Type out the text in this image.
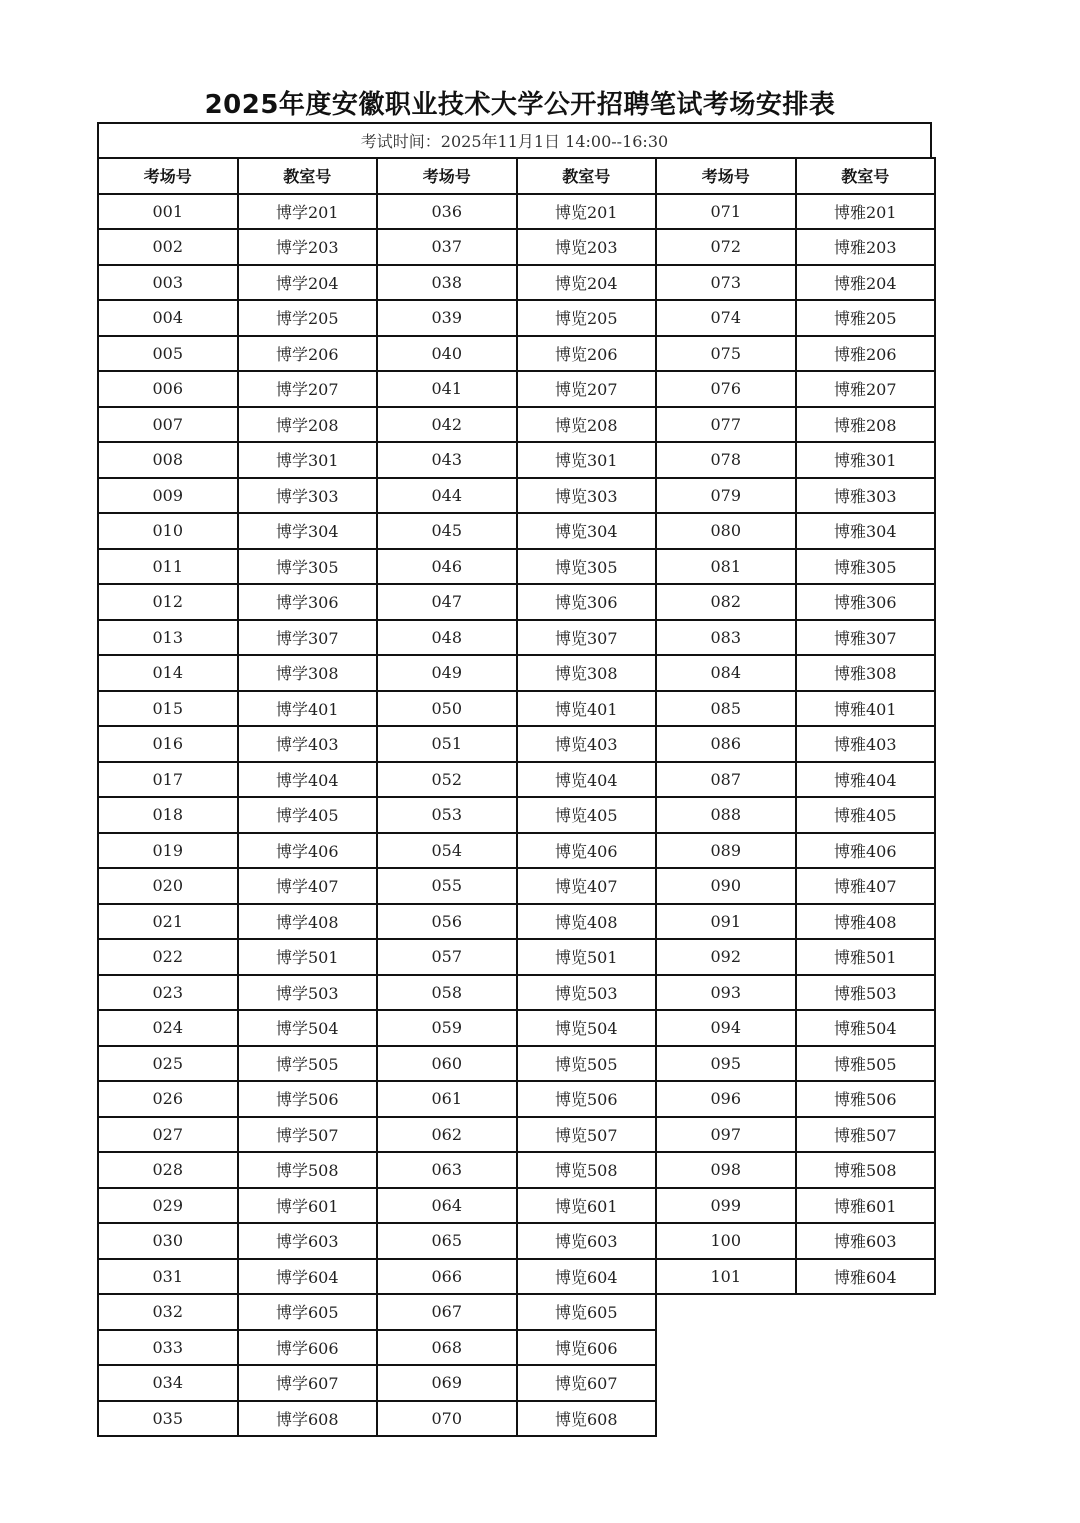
2025年度安徽职业技术大学公开招聘笔试考场安排表
考试时间：2025年11月1日 14:00--16:30
考场号	教室号	考场号	教室号	考场号	教室号
001	博学201	036	博览201	071	博雅201
002	博学203	037	博览203	072	博雅203
003	博学204	038	博览204	073	博雅204
004	博学205	039	博览205	074	博雅205
005	博学206	040	博览206	075	博雅206
006	博学207	041	博览207	076	博雅207
007	博学208	042	博览208	077	博雅208
008	博学301	043	博览301	078	博雅301
009	博学303	044	博览303	079	博雅303
010	博学304	045	博览304	080	博雅304
011	博学305	046	博览305	081	博雅305
012	博学306	047	博览306	082	博雅306
013	博学307	048	博览307	083	博雅307
014	博学308	049	博览308	084	博雅308
015	博学401	050	博览401	085	博雅401
016	博学403	051	博览403	086	博雅403
017	博学404	052	博览404	087	博雅404
018	博学405	053	博览405	088	博雅405
019	博学406	054	博览406	089	博雅406
020	博学407	055	博览407	090	博雅407
021	博学408	056	博览408	091	博雅408
022	博学501	057	博览501	092	博雅501
023	博学503	058	博览503	093	博雅503
024	博学504	059	博览504	094	博雅504
025	博学505	060	博览505	095	博雅505
026	博学506	061	博览506	096	博雅506
027	博学507	062	博览507	097	博雅507
028	博学508	063	博览508	098	博雅508
029	博学601	064	博览601	099	博雅601
030	博学603	065	博览603	100	博雅603
031	博学604	066	博览604	101	博雅604
032	博学605	067	博览605		
033	博学606	068	博览606		
034	博学607	069	博览607		
035	博学608	070	博览608		
